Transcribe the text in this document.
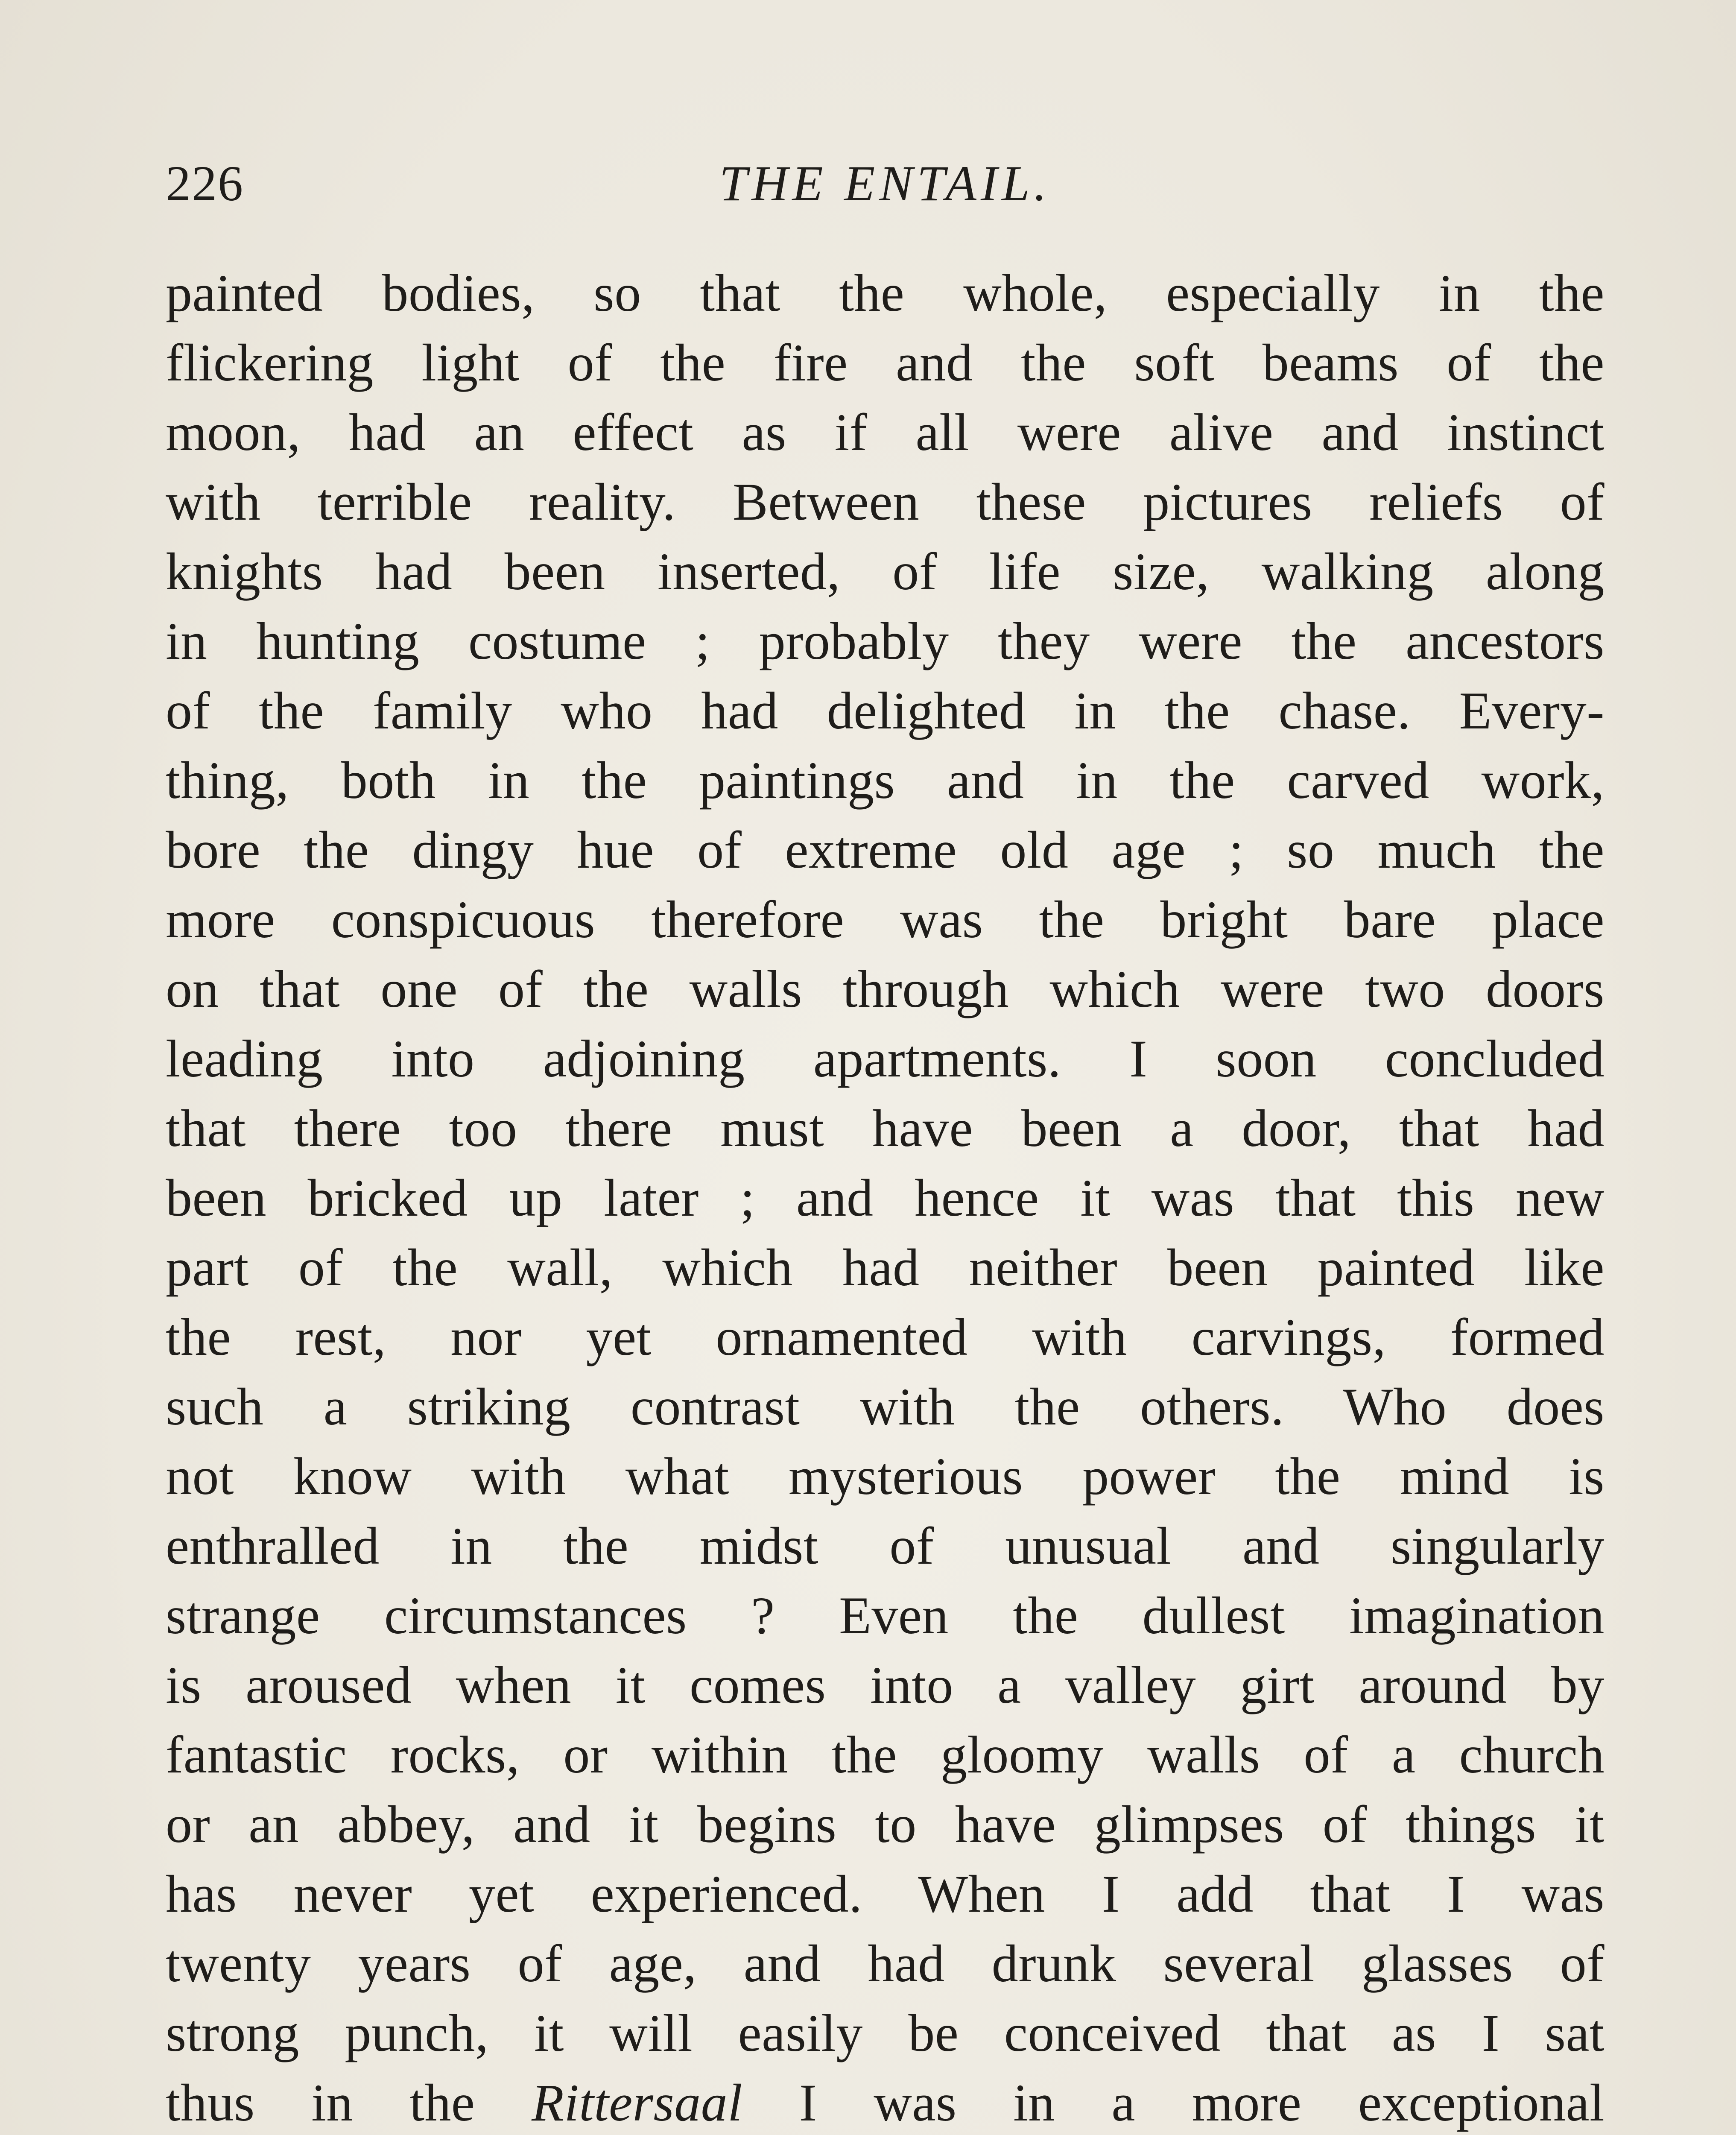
226	THE ENTAIL.
painted bodies, so that the whole, especially in the
flickering light of the fire and the soft beams of the
moon, had an effect as if all were alive and instinct
with terrible reality. Between these pictures reliefs of
knights had been inserted, of life size, walking along
in hunting costume ; probably they were the ancestors
of the family who had delighted in the chase. Every-
thing, both in the paintings and in the carved work,
bore the dingy hue of extreme old age ; so much the
more conspicuous therefore was the bright bare place
on that one of the walls through which were two doors
leading into adjoining apartments. I soon concluded
that there too there must have been a door, that had
been bricked up later ; and hence it was that this new
part of the wall, which had neither been painted like
the rest, nor yet ornamented with carvings, formed
such a striking contrast with the others. Who does
not know with what mysterious power the mind is
enthralled in the midst of unusual and singularly
strange circumstances ? Even the dullest imagination
is aroused when it comes into a valley girt around by
fantastic rocks, or within the gloomy walls of a church
or an abbey, and it begins to have glimpses of things it
has never yet experienced. When I add that I was
twenty years of age, and had drunk several glasses of
strong punch, it will easily be conceived that as I sat
thus in the Rittersaal I was in a more exceptional
